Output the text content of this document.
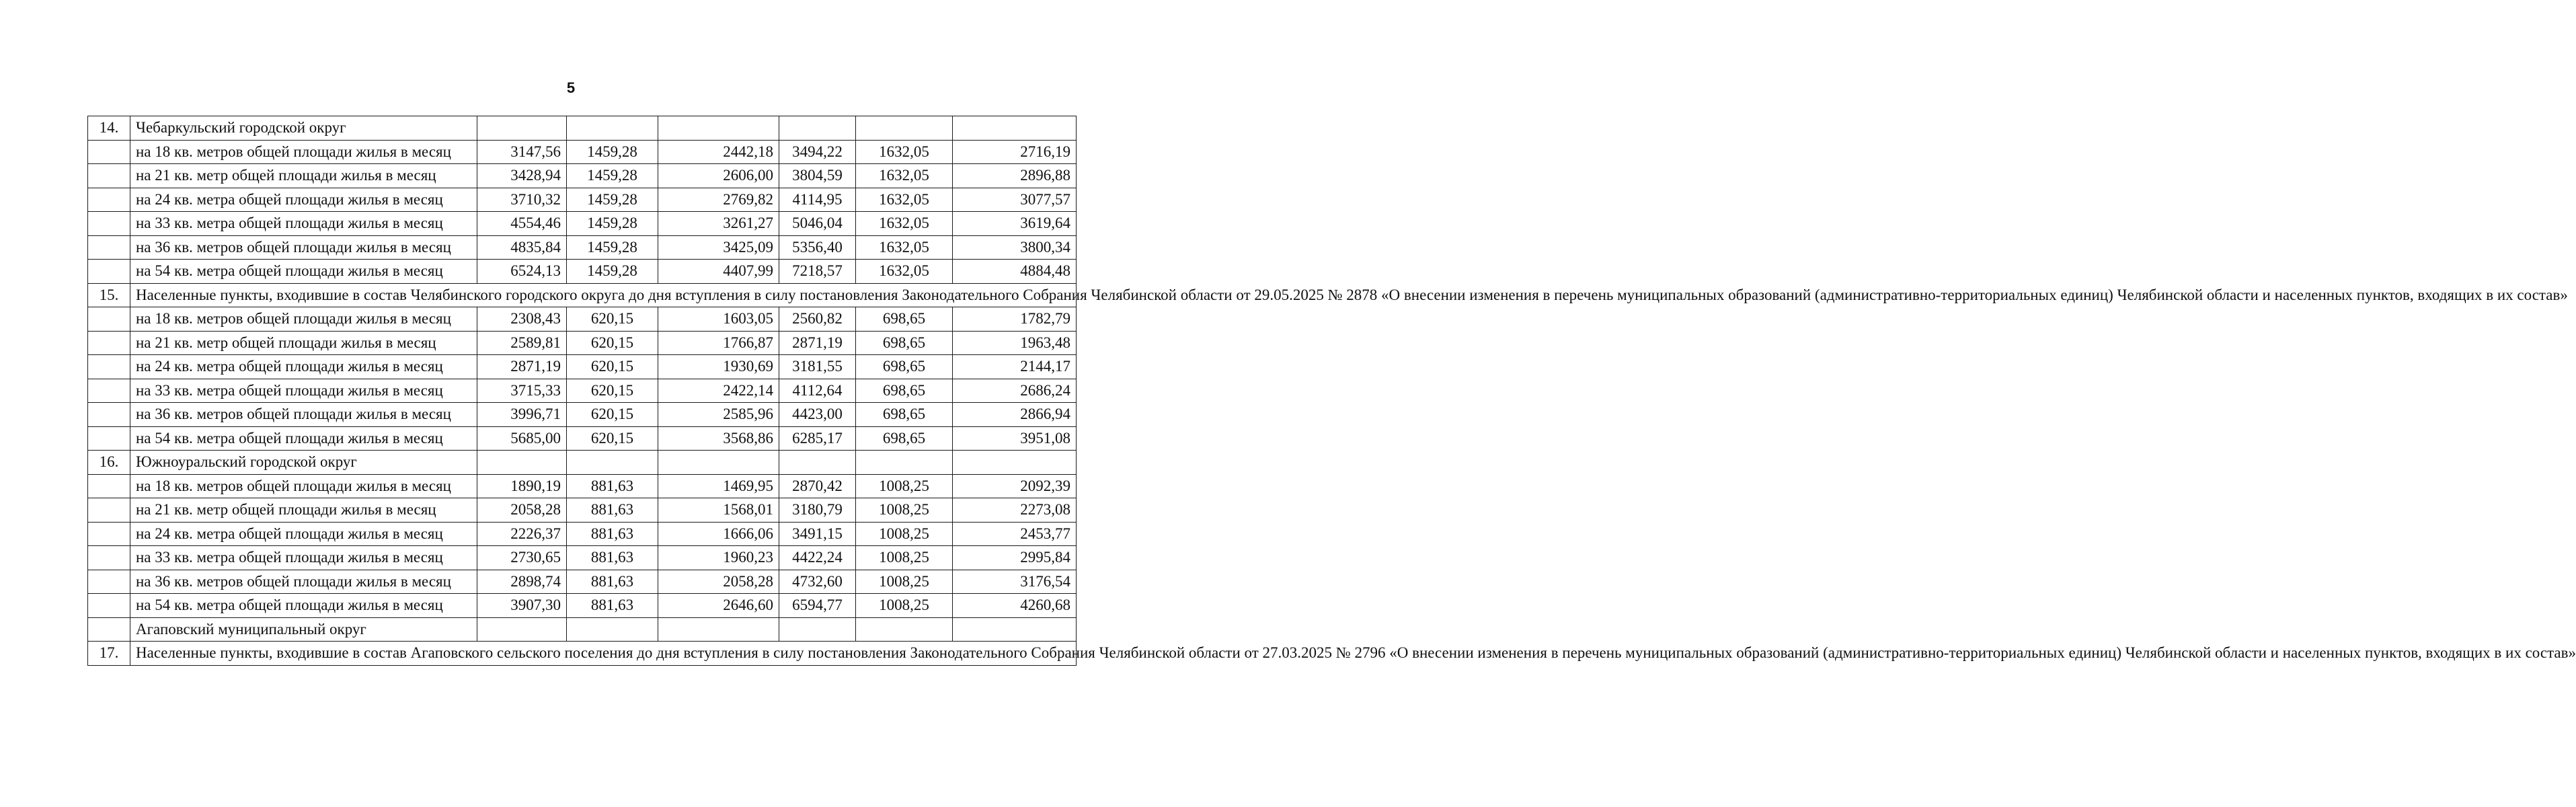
5
14.	Чебаркульский городской округ						
	на 18 кв. метров общей площади жилья в месяц	3147,56	1459,28	2442,18	3494,22	1632,05	2716,19
	на 21 кв. метр общей площади жилья в месяц	3428,94	1459,28	2606,00	3804,59	1632,05	2896,88
	на 24 кв. метра общей площади жилья в месяц	3710,32	1459,28	2769,82	4114,95	1632,05	3077,57
	на 33 кв. метра общей площади жилья в месяц	4554,46	1459,28	3261,27	5046,04	1632,05	3619,64
	на 36 кв. метров общей площади жилья в месяц	4835,84	1459,28	3425,09	5356,40	1632,05	3800,34
	на 54 кв. метра общей площади жилья в месяц	6524,13	1459,28	4407,99	7218,57	1632,05	4884,48
15.	Населенные пункты, входившие в состав Челябинского городского округа до дня вступления в силу постановления Законодательного Собрания Челябинской области от 29.05.2025 № 2878 «О внесении изменения в перечень муниципальных образований (административно-территориальных единиц) Челябинской области и населенных пунктов, входящих в их состав»						
	на 18 кв. метров общей площади жилья в месяц	2308,43	620,15	1603,05	2560,82	698,65	1782,79
	на 21 кв. метр общей площади жилья в месяц	2589,81	620,15	1766,87	2871,19	698,65	1963,48
	на 24 кв. метра общей площади жилья в месяц	2871,19	620,15	1930,69	3181,55	698,65	2144,17
	на 33 кв. метра общей площади жилья в месяц	3715,33	620,15	2422,14	4112,64	698,65	2686,24
	на 36 кв. метров общей площади жилья в месяц	3996,71	620,15	2585,96	4423,00	698,65	2866,94
	на 54 кв. метра общей площади жилья в месяц	5685,00	620,15	3568,86	6285,17	698,65	3951,08
16.	Южноуральский городской округ						
	на 18 кв. метров общей площади жилья в месяц	1890,19	881,63	1469,95	2870,42	1008,25	2092,39
	на 21 кв. метр общей площади жилья в месяц	2058,28	881,63	1568,01	3180,79	1008,25	2273,08
	на 24 кв. метра общей площади жилья в месяц	2226,37	881,63	1666,06	3491,15	1008,25	2453,77
	на 33 кв. метра общей площади жилья в месяц	2730,65	881,63	1960,23	4422,24	1008,25	2995,84
	на 36 кв. метров общей площади жилья в месяц	2898,74	881,63	2058,28	4732,60	1008,25	3176,54
	на 54 кв. метра общей площади жилья в месяц	3907,30	881,63	2646,60	6594,77	1008,25	4260,68
	Агаповский муниципальный округ						
17.	Населенные пункты, входившие в состав Агаповского сельского поселения до дня вступления в силу постановления Законодательного Собрания Челябинской области от 27.03.2025 № 2796 «О внесении изменения в перечень муниципальных образований (административно-территориальных единиц) Челябинской области и населенных пунктов, входящих в их состав»						
